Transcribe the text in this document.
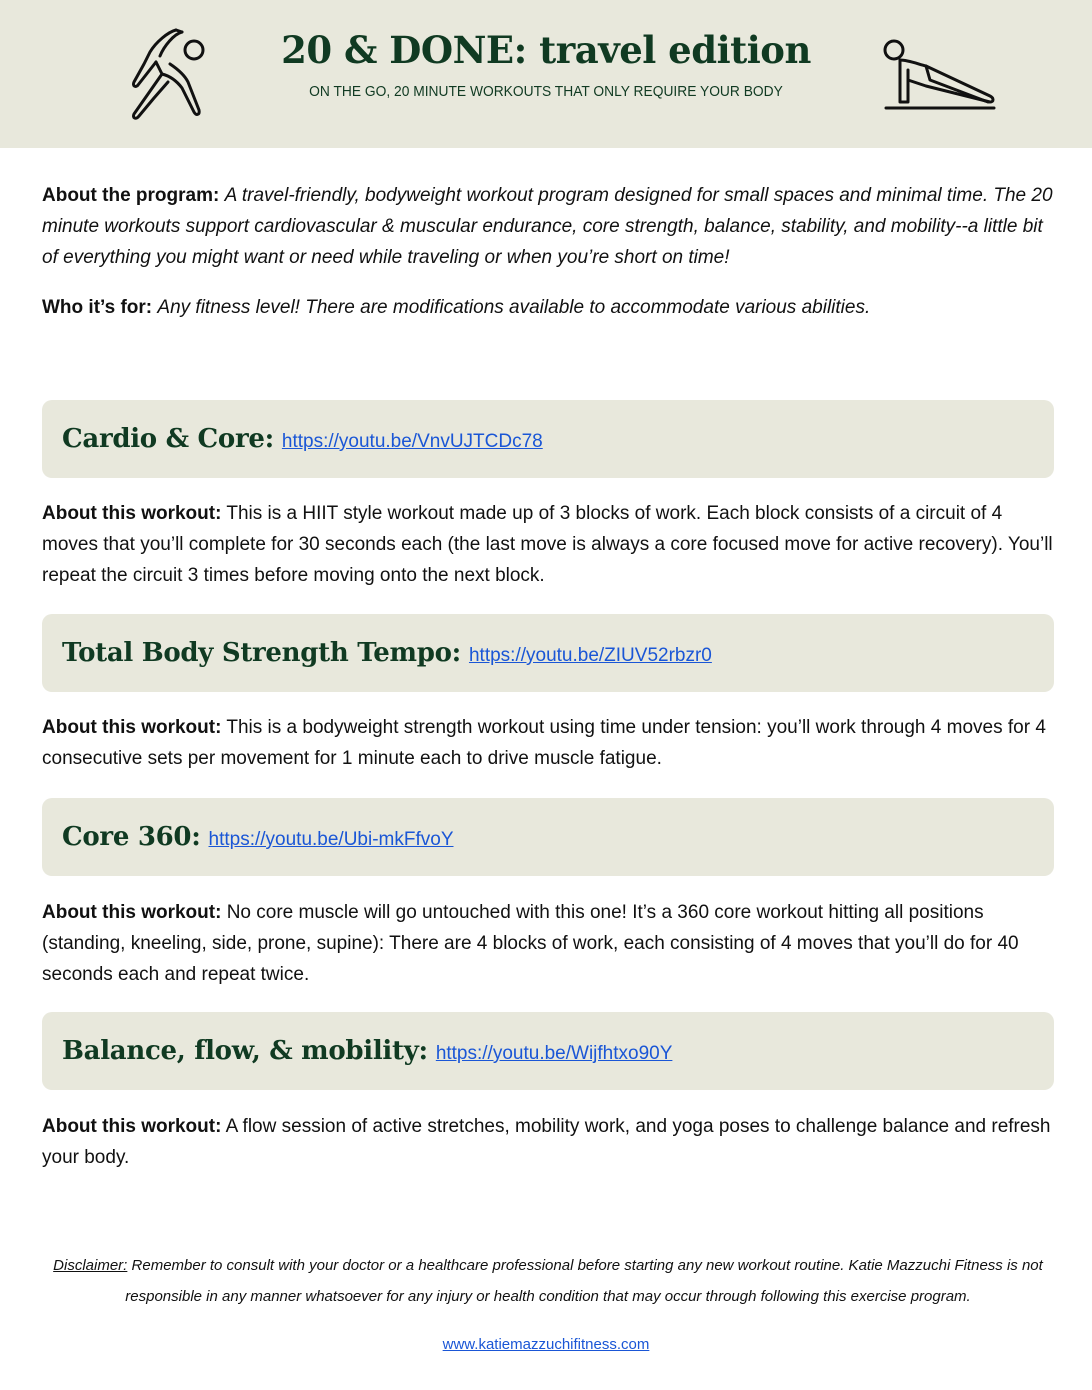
20 & DONE: travel edition
ON THE GO, 20 MINUTE WORKOUTS THAT ONLY REQUIRE YOUR BODY
About the program: A travel-friendly, bodyweight workout program designed for small spaces and minimal time. The 20 minute workouts support cardiovascular & muscular endurance, core strength, balance, stability, and mobility--a little bit of everything you might want or need while traveling or when you’re short on time!
Who it’s for: Any fitness level! There are modifications available to accommodate various abilities.
Cardio & Core: https://youtu.be/VnvUJTCDc78
About this workout: This is a HIIT style workout made up of 3 blocks of work. Each block consists of a circuit of 4 moves that you’ll complete for 30 seconds each (the last move is always a core focused move for active recovery). You’ll repeat the circuit 3 times before moving onto the next block.
Total Body Strength Tempo: https://youtu.be/ZIUV52rbzr0
About this workout: This is a bodyweight strength workout using time under tension: you’ll work through 4 moves for 4 consecutive sets per movement for 1 minute each to drive muscle fatigue.
Core 360: https://youtu.be/Ubi-mkFfvoY
About this workout: No core muscle will go untouched with this one! It’s a 360 core workout hitting all positions (standing, kneeling, side, prone, supine): There are 4 blocks of work, each consisting of 4 moves that you’ll do for 40 seconds each and repeat twice.
Balance, flow, & mobility: https://youtu.be/Wijfhtxo90Y
About this workout: A flow session of active stretches, mobility work, and yoga poses to challenge balance and refresh your body.
Disclaimer: Remember to consult with your doctor or a healthcare professional before starting any new workout routine. Katie Mazzuchi Fitness is not responsible in any manner whatsoever for any injury or health condition that may occur through following this exercise program.
www.katiemazzuchifitness.com
